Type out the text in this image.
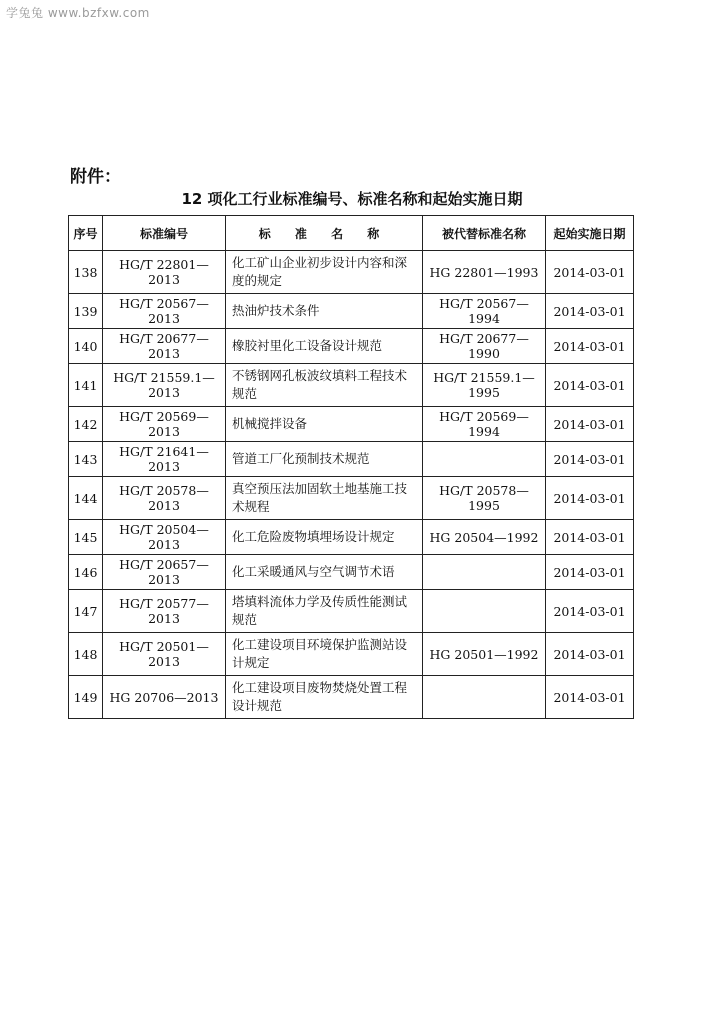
学兔兔 www.bzfxw.com
附件：
12 项化工行业标准编号、标准名称和起始实施日期
序号	标准编号	标 准 名 称	被代替标准名称	起始实施日期
138	HG/T 22801—2013	化工矿山企业初步设计内容和深度的规定	HG 22801—1993	2014-03-01
139	HG/T 20567—2013	热油炉技术条件	HG/T 20567—1994	2014-03-01
140	HG/T 20677—2013	橡胶衬里化工设备设计规范	HG/T 20677—1990	2014-03-01
141	HG/T 21559.1—2013	不锈钢网孔板波纹填料工程技术规范	HG/T 21559.1—1995	2014-03-01
142	HG/T 20569—2013	机械搅拌设备	HG/T 20569—1994	2014-03-01
143	HG/T 21641—2013	管道工厂化预制技术规范		2014-03-01
144	HG/T 20578—2013	真空预压法加固软土地基施工技术规程	HG/T 20578—1995	2014-03-01
145	HG/T 20504—2013	化工危险废物填埋场设计规定	HG 20504—1992	2014-03-01
146	HG/T 20657—2013	化工采暖通风与空气调节术语		2014-03-01
147	HG/T 20577—2013	塔填料流体力学及传质性能测试规范		2014-03-01
148	HG/T 20501—2013	化工建设项目环境保护监测站设计规定	HG 20501—1992	2014-03-01
149	HG 20706—2013	化工建设项目废物焚烧处置工程设计规范		2014-03-01
